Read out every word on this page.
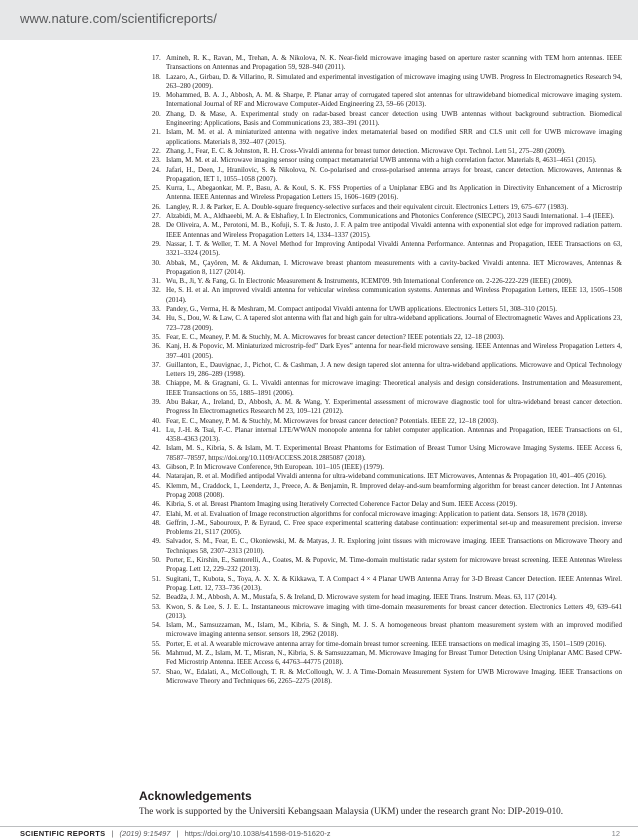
www.nature.com/scientificreports/
17. Amineh, R. K., Ravan, M., Trehan, A. & Nikolova, N. K. Near-field microwave imaging based on aperture raster scanning with TEM horn antennas. IEEE Transactions on Antennas and Propagation 59, 928–940 (2011).
18. Lazaro, A., Girbau, D. & Villarino, R. Simulated and experimental investigation of microwave imaging using UWB. Progress In Electromagnetics Research 94, 263–280 (2009).
19. Mohammed, B. A. J., Abbosh, A. M. & Sharpe, P. Planar array of corrugated tapered slot antennas for ultrawideband biomedical microwave imaging system. International Journal of RF and Microwave Computer-Aided Engineering 23, 59–66 (2013).
20. Zhang, D. & Mase, A. Experimental study on radar-based breast cancer detection using UWB antennas without background subtraction. Biomedical Engineering: Applications, Basis and Communications 23, 383–391 (2011).
21. Islam, M. M. et al. A miniaturized antenna with negative index metamaterial based on modified SRR and CLS unit cell for UWB microwave imaging applications. Materials 8, 392–407 (2015).
22. Zhang, J., Fear, E. C. & Johnston, R. H. Cross-Vivaldi antenna for breast tumor detection. Microwave Opt. Technol. Lett 51, 275–280 (2009).
23. Islam, M. M. et al. Microwave imaging sensor using compact metamaterial UWB antenna with a high correlation factor. Materials 8, 4631–4651 (2015).
24. Jafari, H., Deen, J., Hranilovic, S. & Nikolova, N. Co-polarised and cross-polarised antenna arrays for breast, cancer detection. Microwaves, Antennas & Propagation, IET 1, 1055–1058 (2007).
25. Kurra, L., Abegaonkar, M. P., Basu, A. & Koul, S. K. FSS Properties of a Uniplanar EBG and Its Application in Directivity Enhancement of a Microstrip Antenna. IEEE Antennas and Wireless Propagation Letters 15, 1606–1609 (2016).
26. Langley, R. J. & Parker, E. A. Double-square frequency-selective surfaces and their equivalent circuit. Electronics Letters 19, 675–677 (1983).
27. Alzabidi, M. A., Aldhaeebi, M. A. & Elshafiey, I. In Electronics, Communications and Photonics Conference (SIECPC), 2013 Saudi International. 1–4 (IEEE).
28. De Oliveira, A. M., Perotoni, M. B., Kofuji, S. T. & Justo, J. F. A palm tree antipodal Vivaldi antenna with exponential slot edge for improved radiation pattern. IEEE Antennas and Wireless Propagation Letters 14, 1334–1337 (2015).
29. Nassar, I. T. & Weller, T. M. A Novel Method for Improving Antipodal Vivaldi Antenna Performance. Antennas and Propagation, IEEE Transactions on 63, 3321–3324 (2015).
30. Abbak, M., Çayören, M. & Akduman, I. Microwave breast phantom measurements with a cavity-backed Vivaldi antenna. IET Microwaves, Antennas & Propagation 8, 1127 (2014).
31. Wu, B., Ji, Y. & Fang, G. In Electronic Measurement & Instruments, ICEMI'09. 9th International Conference on. 2-226-222-229 (IEEE) (2009).
32. He, S. H. et al. An improved vivaldi antenna for vehicular wireless communication systems. Antennas and Wireless Propagation Letters, IEEE 13, 1505–1508 (2014).
33. Pandey, G., Verma, H. & Meshram, M. Compact antipodal Vivaldi antenna for UWB applications. Electronics Letters 51, 308–310 (2015).
34. Hu, S., Dou, W. & Law, C. A tapered slot antenna with flat and high gain for ultra-wideband applications. Journal of Electromagnetic Waves and Applications 23, 723–728 (2009).
35. Fear, E. C., Meaney, P. M. & Stuchly, M. A. Microwaves for breast cancer detection? IEEE potentials 22, 12–18 (2003).
36. Kanj, H. & Popovic, M. Miniaturized microstrip-fed” Dark Eyes” antenna for near-field microwave sensing. IEEE Antennas and Wireless Propagation Letters 4, 397–401 (2005).
37. Guillanton, E., Dauvignac, J., Pichot, C. & Cashman, J. A new design tapered slot antenna for ultra-wideband applications. Microwave and Optical Technology Letters 19, 286–289 (1998).
38. Chiappe, M. & Gragnani, G. L. Vivaldi antennas for microwave imaging: Theoretical analysis and design considerations. Instrumentation and Measurement, IEEE Transactions on 55, 1885–1891 (2006).
39. Abu Bakar, A., Ireland, D., Abbosh, A. M. & Wang, Y. Experimental assessment of microwave diagnostic tool for ultra-wideband breast cancer detection. Progress In Electromagnetics Research M 23, 109–121 (2012).
40. Fear, E. C., Meaney, P. M. & Stuchly, M. Microwaves for breast cancer detection? Potentials. IEEE 22, 12–18 (2003).
41. Lu, J.-H. & Tsai, F.-C. Planar internal LTE/WWAN monopole antenna for tablet computer application. Antennas and Propagation, IEEE Transactions on 61, 4358–4363 (2013).
42. Islam, M. S., Kibria, S. & Islam, M. T. Experimental Breast Phantoms for Estimation of Breast Tumor Using Microwave Imaging Systems. IEEE Access 6, 78587–78597, https://doi.org/10.1109/ACCESS.2018.2885087 (2018).
43. Gibson, P. In Microwave Conference, 9th European. 101–105 (IEEE) (1979).
44. Natarajan, R. et al. Modified antipodal Vivaldi antenna for ultra-wideband communications. IET Microwaves, Antennas & Propagation 10, 401–405 (2016).
45. Klemm, M., Craddock, I., Leendertz, J., Preece, A. & Benjamin, R. Improved delay-and-sum beamforming algorithm for breast cancer detection. Int J Antennas Propag 2008 (2008).
46. Kibria, S. et al. Breast Phantom Imaging using Iteratively Corrected Coherence Factor Delay and Sum. IEEE Access (2019).
47. Elahi, M. et al. Evaluation of Image reconstruction algorithms for confocal microwave imaging: Application to patient data. Sensors 18, 1678 (2018).
48. Geffrin, J.-M., Sabouroux, P. & Eyraud, C. Free space experimental scattering database continuation: experimental set-up and measurement precision. inverse Problems 21, S117 (2005).
49. Salvador, S. M., Fear, E. C., Okoniewski, M. & Matyas, J. R. Exploring joint tissues with microwave imaging. IEEE Transactions on Microwave Theory and Techniques 58, 2307–2313 (2010).
50. Porter, E., Kirshin, E., Santorelli, A., Coates, M. & Popovic, M. Time-domain multistatic radar system for microwave breast screening. IEEE Antennas Wireless Propag. Lett 12, 229–232 (2013).
51. Sugitani, T., Kubota, S., Toya, A. X. X. & Kikkawa, T. A Compact 4 × 4 Planar UWB Antenna Array for 3-D Breast Cancer Detection. IEEE Antennas Wirel. Propag. Lett. 12, 733–736 (2013).
52. Beadža, J. M., Abbosh, A. M., Mustafa, S. & Ireland, D. Microwave system for head imaging. IEEE Trans. Instrum. Meas. 63, 117 (2014).
53. Kwon, S. & Lee, S. J. E. L. Instantaneous microwave imaging with time-domain measurements for breast cancer detection. Electronics Letters 49, 639–641 (2013).
54. Islam, M., Samsuzzaman, M., Islam, M., Kibria, S. & Singh, M. J. S. A homogeneous breast phantom measurement system with an improved modified microwave imaging antenna sensor. sensors 18, 2962 (2018).
55. Porter, E. et al. A wearable microwave antenna array for time-domain breast tumor screening. IEEE transactions on medical imaging 35, 1501–1509 (2016).
56. Mahmud, M. Z., Islam, M. T., Misran, N., Kibria, S. & Samsuzzaman, M. Microwave Imaging for Breast Tumor Detection Using Uniplanar AMC Based CPW-Fed Microstrip Antenna. IEEE Access 6, 44763–44775 (2018).
57. Shao, W., Edalati, A., McCollough, T. R. & McCollough, W. J. A Time-Domain Measurement System for UWB Microwave Imaging. IEEE Transactions on Microwave Theory and Techniques 66, 2265–2275 (2018).
Acknowledgements

The work is supported by the Universiti Kebangsaan Malaysia (UKM) under the research grant No: DIP-2019-010.

SCIENTIFIC REPORTS | (2019) 9:15497 | https://doi.org/10.1038/s41598-019-51620-z	12
